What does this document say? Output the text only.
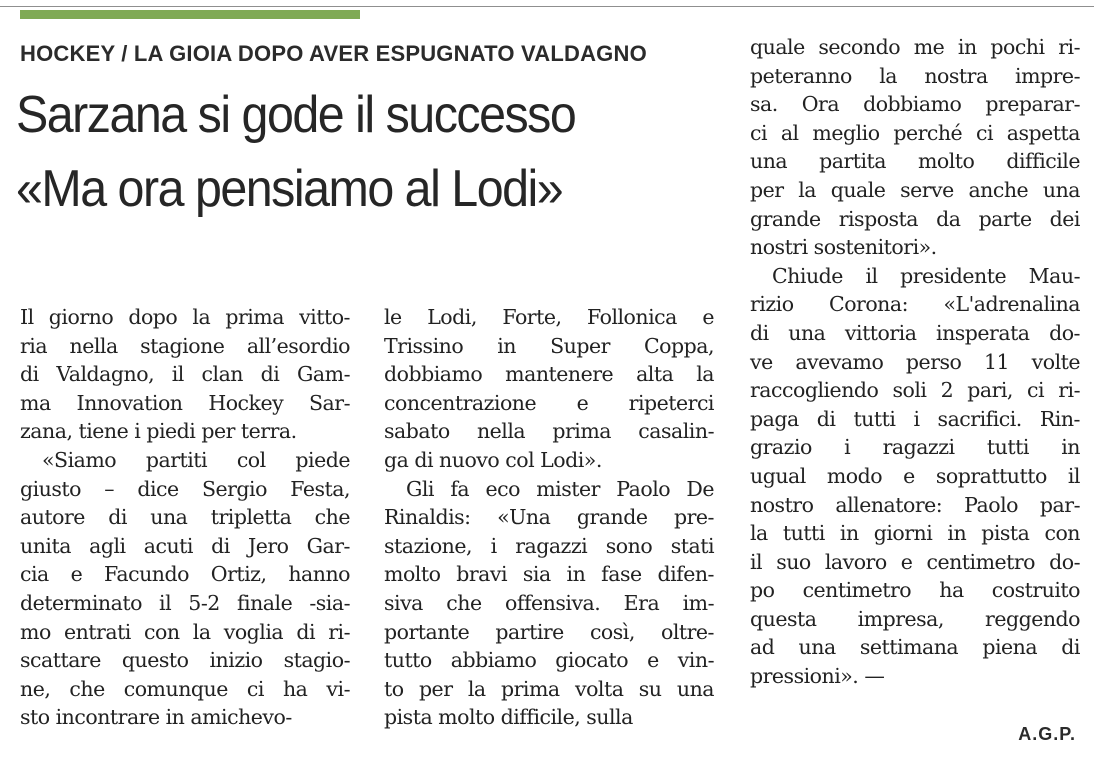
HOCKEY / LA GIOIA DOPO AVER ESPUGNATO VALDAGNO
Sarzana si gode il successo
«Ma ora pensiamo al Lodi»
Il giorno dopo la prima vitto-
ria nella stagione all’esordio
di Valdagno, il clan di Gam-
ma Innovation Hockey Sar-
zana, tiene i piedi per terra.
«Siamo partiti col piede
giusto – dice Sergio Festa,
autore di una tripletta che
unita agli acuti di Jero Gar-
cia e Facundo Ortiz, hanno
determinato il 5-2 finale -sia-
mo entrati con la voglia di ri-
scattare questo inizio stagio-
ne, che comunque ci ha vi-
sto incontrare in amichevo-
le Lodi, Forte, Follonica e
Trissino in Super Coppa,
dobbiamo mantenere alta la
concentrazione e ripeterci
sabato nella prima casalin-
ga di nuovo col Lodi».
Gli fa eco mister Paolo De
Rinaldis: «Una grande pre-
stazione, i ragazzi sono stati
molto bravi sia in fase difen-
siva che offensiva. Era im-
portante partire così, oltre-
tutto abbiamo giocato e vin-
to per la prima volta su una
pista molto difficile, sulla
quale secondo me in pochi ri-
peteranno la nostra impre-
sa. Ora dobbiamo preparar-
ci al meglio perché ci aspetta
una partita molto difficile
per la quale serve anche una
grande risposta da parte dei
nostri sostenitori».
Chiude il presidente Mau-
rizio Corona: «L'adrenalina
di una vittoria insperata do-
ve avevamo perso 11 volte
raccogliendo soli 2 pari, ci ri-
paga di tutti i sacrifici. Rin-
grazio i ragazzi tutti in
ugual modo e soprattutto il
nostro allenatore: Paolo par-
la tutti in giorni in pista con
il suo lavoro e centimetro do-
po centimetro ha costruito
questa impresa, reggendo
ad una settimana piena di
pressioni». —
A.G.P.
